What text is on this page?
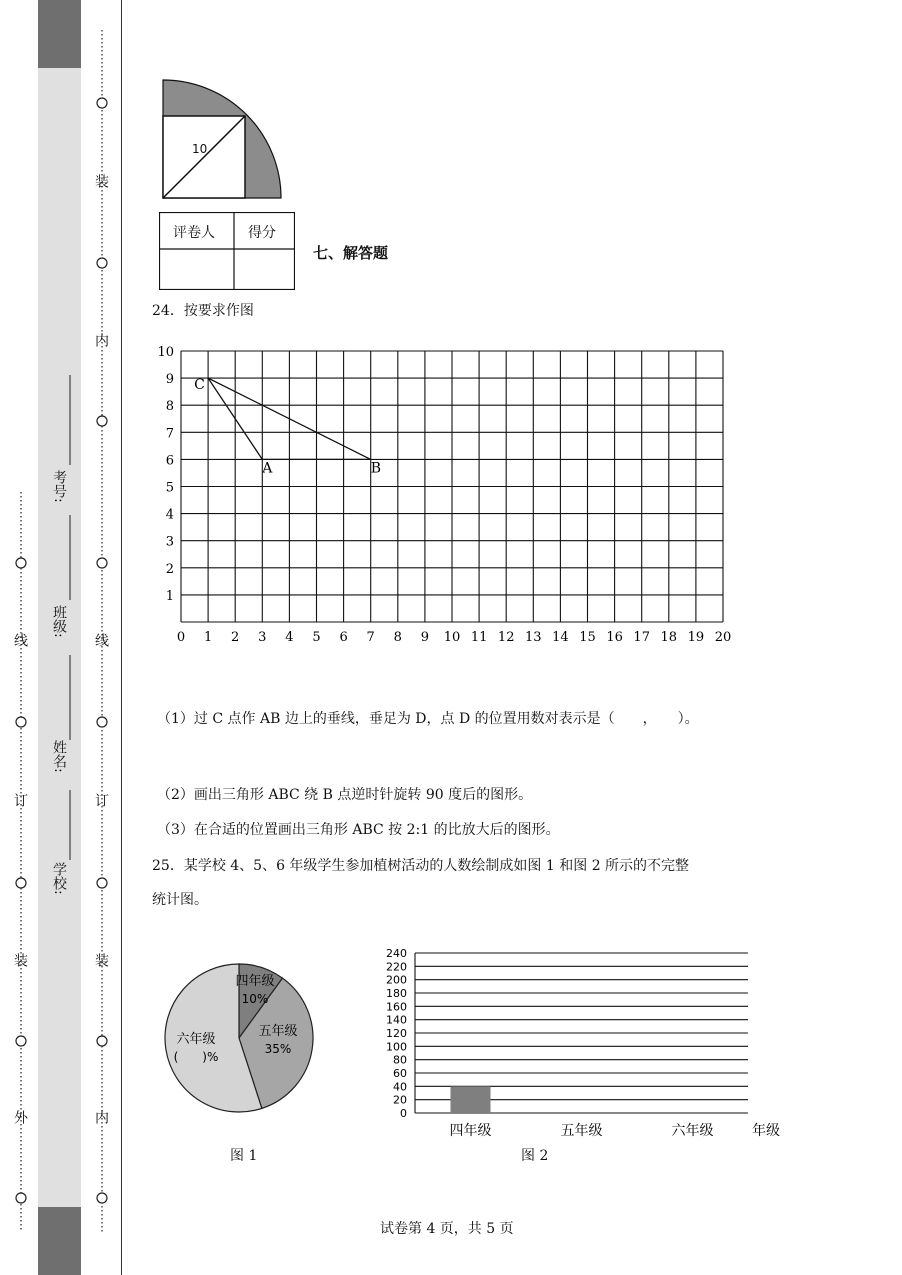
外
装
订
线
装
内
线
订
装
内
学校:
姓名:
班级:
考号:
10
评卷人 得分
七、解答题
24．按要求作图
0 1 2 3 4 5 6 7 8 9 10 11 12 13 14 15 16 17 18 19 20
1
2
3
4
5
6
7
8
9
10
C
A	B
（1）过 C 点作 AB 边上的垂线，垂足为 D，点 D 的位置用数对表示是（　　，　　）。
（2）画出三角形 ABC 绕 B 点逆时针旋转 90 度后的图形。
（3）在合适的位置画出三角形 ABC 按 2:1 的比放大后的图形。
25．某学校 4、5、6 年级学生参加植树活动的人数绘制成如图 1 和图 2 所示的不完整
统计图。
四年级
10%
五年级
35%
六年级
(　　)%
图 1
0
20
40
60
80
100
120
140
160
180
200
220
240
四年级	五年级	六年级	年级
图 2
试卷第 4 页，共 5 页
